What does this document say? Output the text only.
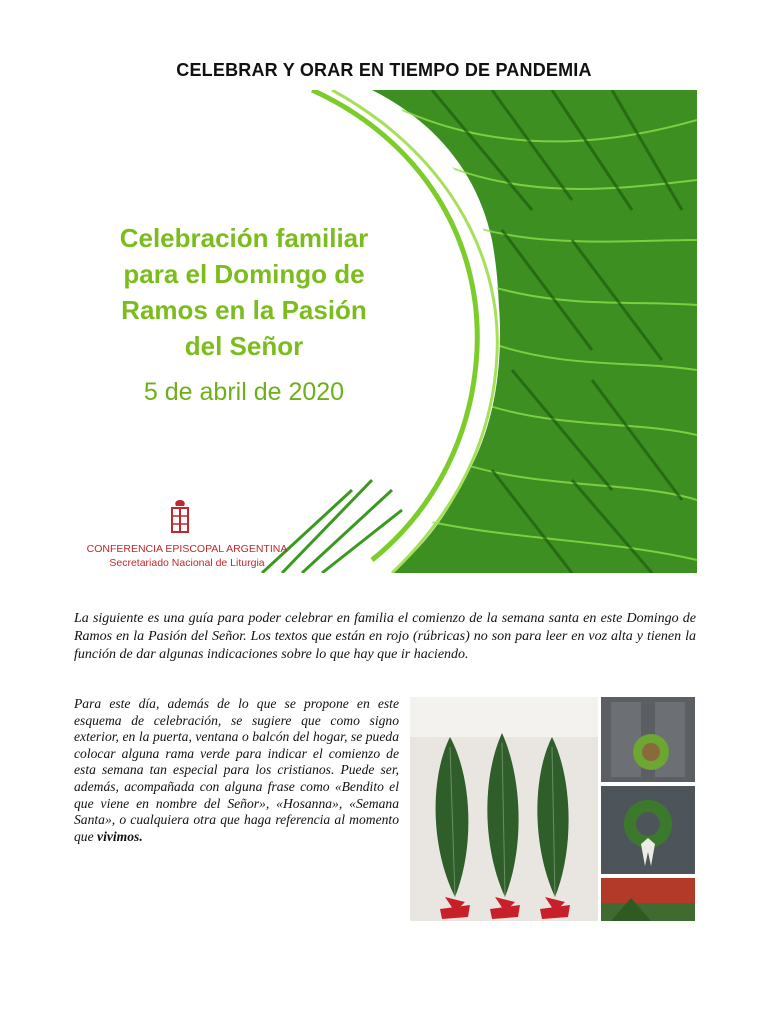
CELEBRAR Y ORAR EN TIEMPO DE PANDEMIA
Celebración familiar
para el Domingo de
Ramos en la Pasión
del Señor
5 de abril de 2020
CONFERENCIA EPISCOPAL ARGENTINA
Secretariado Nacional de Liturgia

La siguiente es una guía para poder celebrar en familia el comienzo de la semana santa en este Domingo de Ramos en la Pasión del Señor. Los textos que están en rojo (rúbricas) no son para leer en voz alta y tienen la función de dar algunas indicaciones sobre lo que hay que ir haciendo.

Para este día, además de lo que se propone en este esquema de celebración, se sugiere que como signo exterior, en la puerta, ventana o balcón del hogar, se pueda colocar alguna rama verde para indicar el comienzo de esta semana tan especial para los cristianos. Puede ser, además, acompañada con alguna frase como «Bendito el que viene en nombre del Señor», «Hosanna», «Semana Santa», o cualquiera otra que haga referencia al momento que vivimos.
